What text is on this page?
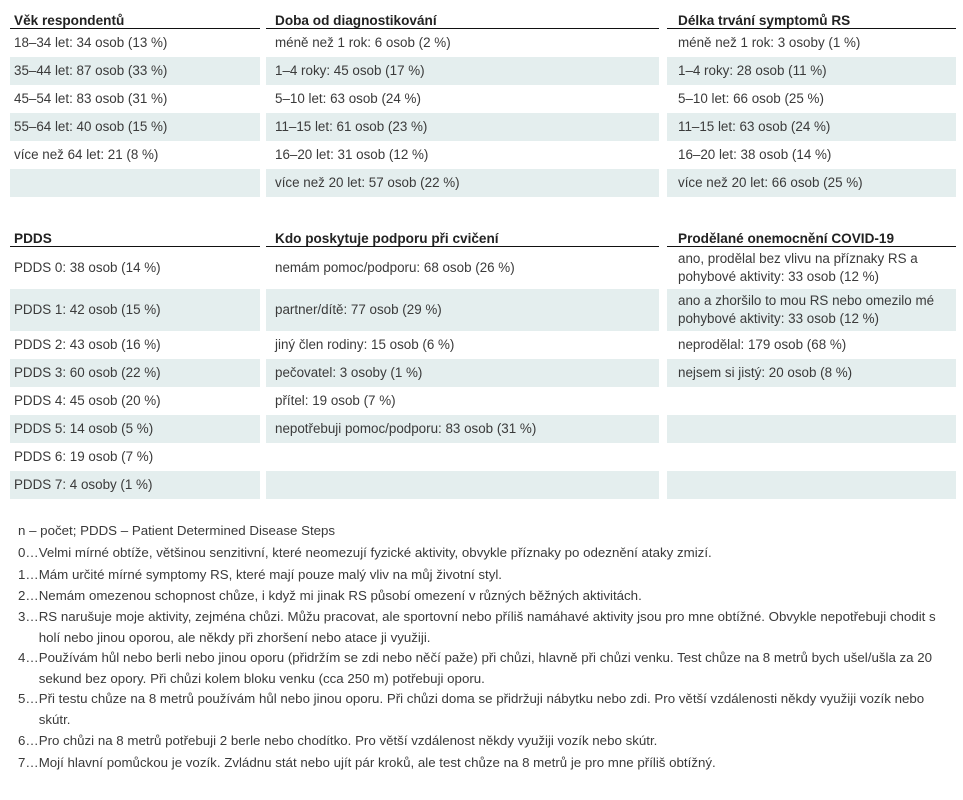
Věk respondentů	Doba od diagnostikování	Délka trvání symptomů RS
18–34 let: 34 osob (13 %)	méně než 1 rok: 6 osob (2 %)	méně než 1 rok: 3 osoby (1 %)
35–44 let: 87 osob (33 %)	1–4 roky: 45 osob (17 %)	1–4 roky: 28 osob (11 %)
45–54 let: 83 osob (31 %)	5–10 let: 63 osob (24 %)	5–10 let: 66 osob (25 %)
55–64 let: 40 osob (15 %)	11–15 let: 61 osob (23 %)	11–15 let: 63 osob (24 %)
více než 64 let: 21 (8 %)	16–20 let: 31 osob (12 %)	16–20 let: 38 osob (14 %)
	více než 20 let: 57 osob (22 %)	více než 20 let: 66 osob (25 %)
PDDS	Kdo poskytuje podporu při cvičení	Prodělané onemocnění COVID-19
PDDS 0: 38 osob (14 %)	nemám pomoc/podporu: 68 osob (26 %)	ano, prodělal bez vlivu na příznaky RS a pohybové aktivity: 33 osob (12 %)
PDDS 1: 42 osob (15 %)	partner/dítě: 77 osob (29 %)	ano a zhoršilo to mou RS nebo omezilo mé pohybové aktivity: 33 osob (12 %)
PDDS 2: 43 osob (16 %)	jiný člen rodiny: 15 osob (6 %)	neprodělal: 179 osob (68 %)
PDDS 3: 60 osob (22 %)	pečovatel: 3 osoby (1 %)	nejsem si jistý: 20 osob (8 %)
PDDS 4: 45 osob (20 %)	přítel: 19 osob (7 %)	
PDDS 5: 14 osob (5 %)	nepotřebuji pomoc/podporu: 83 osob (31 %)	
PDDS 6: 19 osob (7 %)		
PDDS 7: 4 osoby (1 %)		
n – počet; PDDS – Patient Determined Disease Steps
0… Velmi mírné obtíže, většinou senzitivní, které neomezují fyzické aktivity, obvykle příznaky po odeznění ataky zmizí.
1… Mám určité mírné symptomy RS, které mají pouze malý vliv na můj životní styl.
2… Nemám omezenou schopnost chůze, i když mi jinak RS působí omezení v různých běžných aktivitách.
3… RS narušuje moje aktivity, zejména chůzi. Můžu pracovat, ale sportovní nebo příliš namáhavé aktivity jsou pro mne obtížné. Obvykle nepotřebuji chodit s holí nebo jinou oporou, ale někdy při zhoršení nebo atace ji využiji.
4… Používám hůl nebo berli nebo jinou oporu (přidržím se zdi nebo něčí paže) při chůzi, hlavně při chůzi venku. Test chůze na 8 metrů bych ušel/ušla za 20 sekund bez opory. Při chůzi kolem bloku venku (cca 250 m) potřebuji oporu.
5… Při testu chůze na 8 metrů používám hůl nebo jinou oporu. Při chůzi doma se přidržuji nábytku nebo zdi. Pro větší vzdálenosti někdy využiji vozík nebo skútr.
6… Pro chůzi na 8 metrů potřebuji 2 berle nebo chodítko. Pro větší vzdálenost někdy využiji vozík nebo skútr.
7… Mojí hlavní pomůckou je vozík. Zvládnu stát nebo ujít pár kroků, ale test chůze na 8 metrů je pro mne příliš obtížný.
